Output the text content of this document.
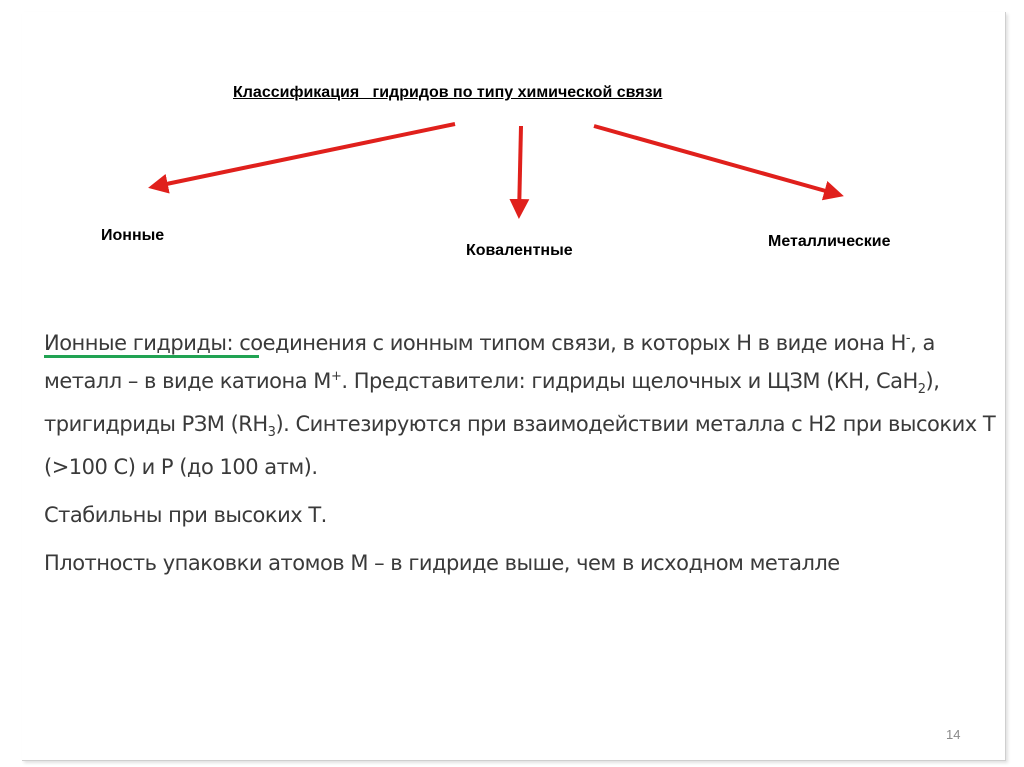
Классификация   гидридов по типу химической связи
Ионные
Ковалентные
Металлические

Ионные гидриды: соединения с ионным типом связи, в которых Н в виде иона Н-, а металл – в виде катиона М+. Представители: гидриды щелочных и ЩЗМ (КН, СаН$_2$), тригидриды РЗМ $(RH_3)$. Синтезируются при взаимодействии металла с Н2 при высоких Т (>100 С) и Р (до 100 атм).

Стабильны при высоких Т.

Плотность упаковки атомов М – в гидриде выше, чем в исходном металле

14
